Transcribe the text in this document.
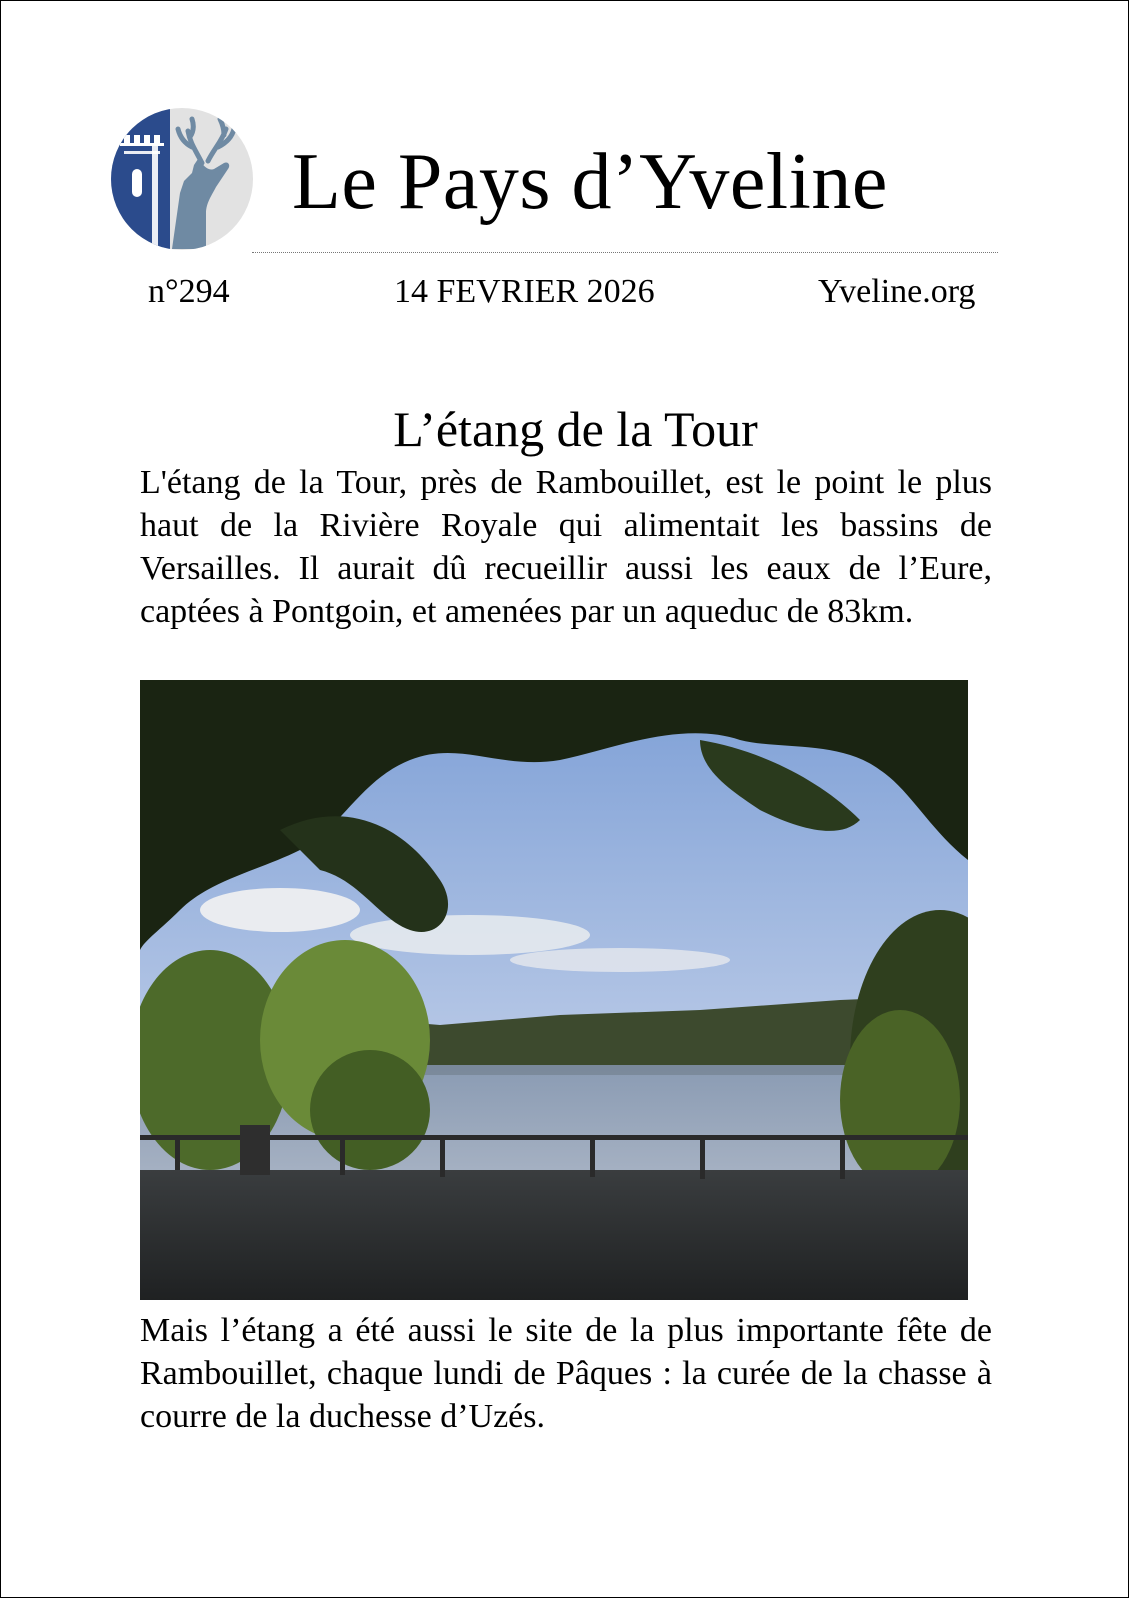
Le Pays d’Yveline
n°294	14 FEVRIER 2026	Yveline.org
L’étang de la Tour

L'étang de la Tour, près de Rambouillet, est le point le plus haut de la Rivière Royale qui alimentait les bassins de Versailles. Il aurait dû recueillir aussi les eaux de l’Eure, captées à Pontgoin, et amenées par un aqueduc de 83km.

Mais l’étang a été aussi le site de la plus importante fête de Rambouillet, chaque lundi de Pâques : la curée de la chasse à courre de la duchesse d’Uzés.
